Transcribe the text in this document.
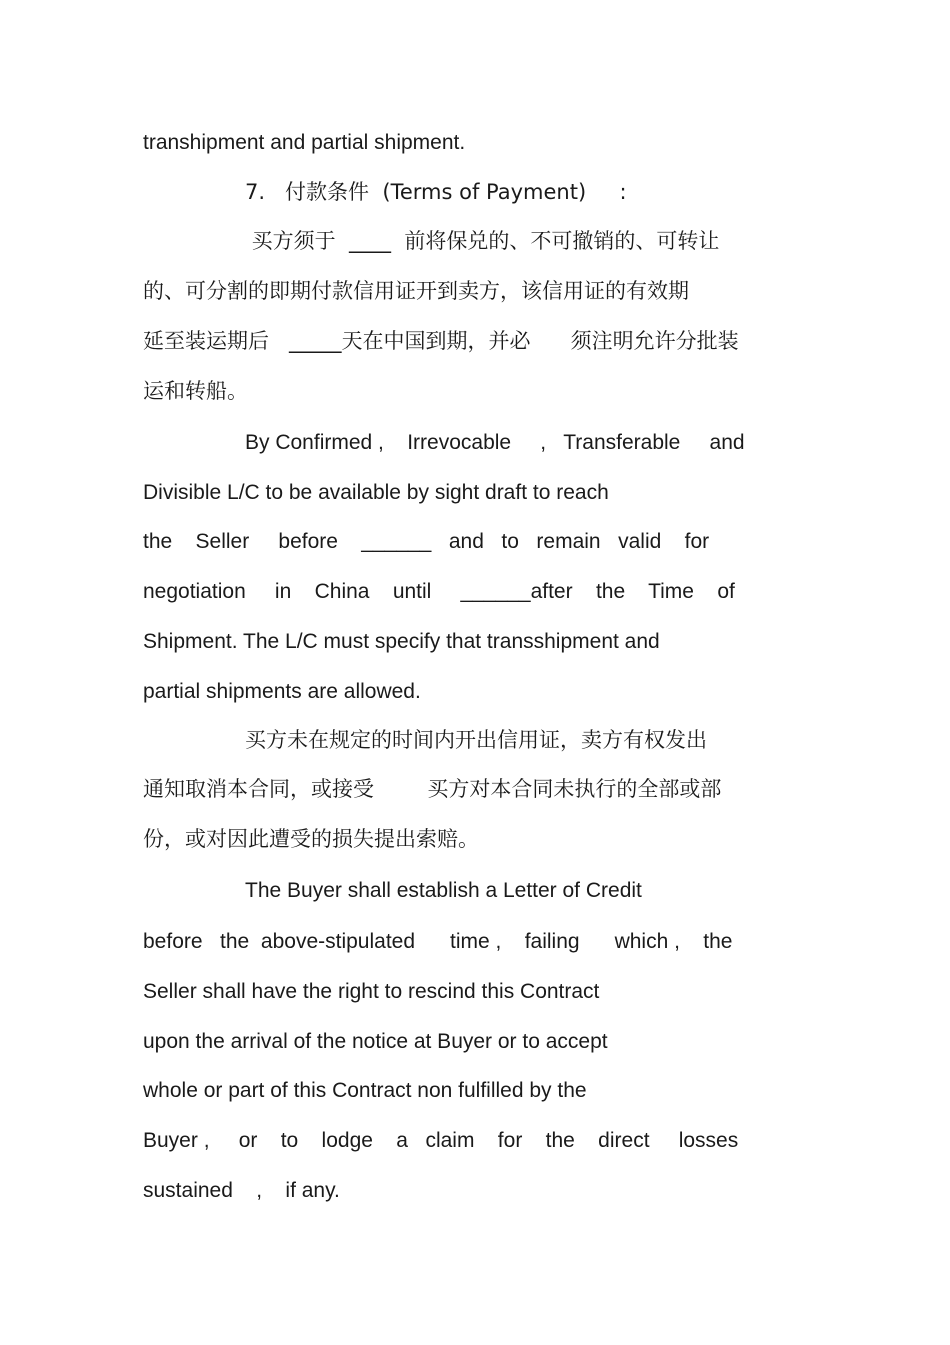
transhipment and partial shipment.
7.   付款条件  (Terms of Payment)     :
买方须于  ____  前将保兑的、不可撤销的、可转让
的、可分割的即期付款信用证开到卖方，该信用证的有效期
延至装运期后   _____天在中国到期，并必      须注明允许分批装
运和转船。
By Confirmed ,    Irrevocable     ,   Transferable     and
Divisible L/C to be available by sight draft to reach
the    Seller     before    ______   and   to   remain   valid    for
negotiation     in    China    until     ______after    the    Time    of
Shipment. The L/C must specify that transshipment and
partial shipments are allowed.
买方未在规定的时间内开出信用证，卖方有权发出
通知取消本合同，或接受        买方对本合同未执行的全部或部
份，或对因此遭受的损失提出索赔。
The Buyer shall establish a Letter of Credit
before   the  above-stipulated      time ,    failing      which ,    the
Seller shall have the right to rescind this Contract
upon the arrival of the notice at Buyer or to accept
whole or part of this Contract non fulfilled by the
Buyer ,     or    to    lodge    a   claim    for    the    direct     losses
sustained    ,    if any.
